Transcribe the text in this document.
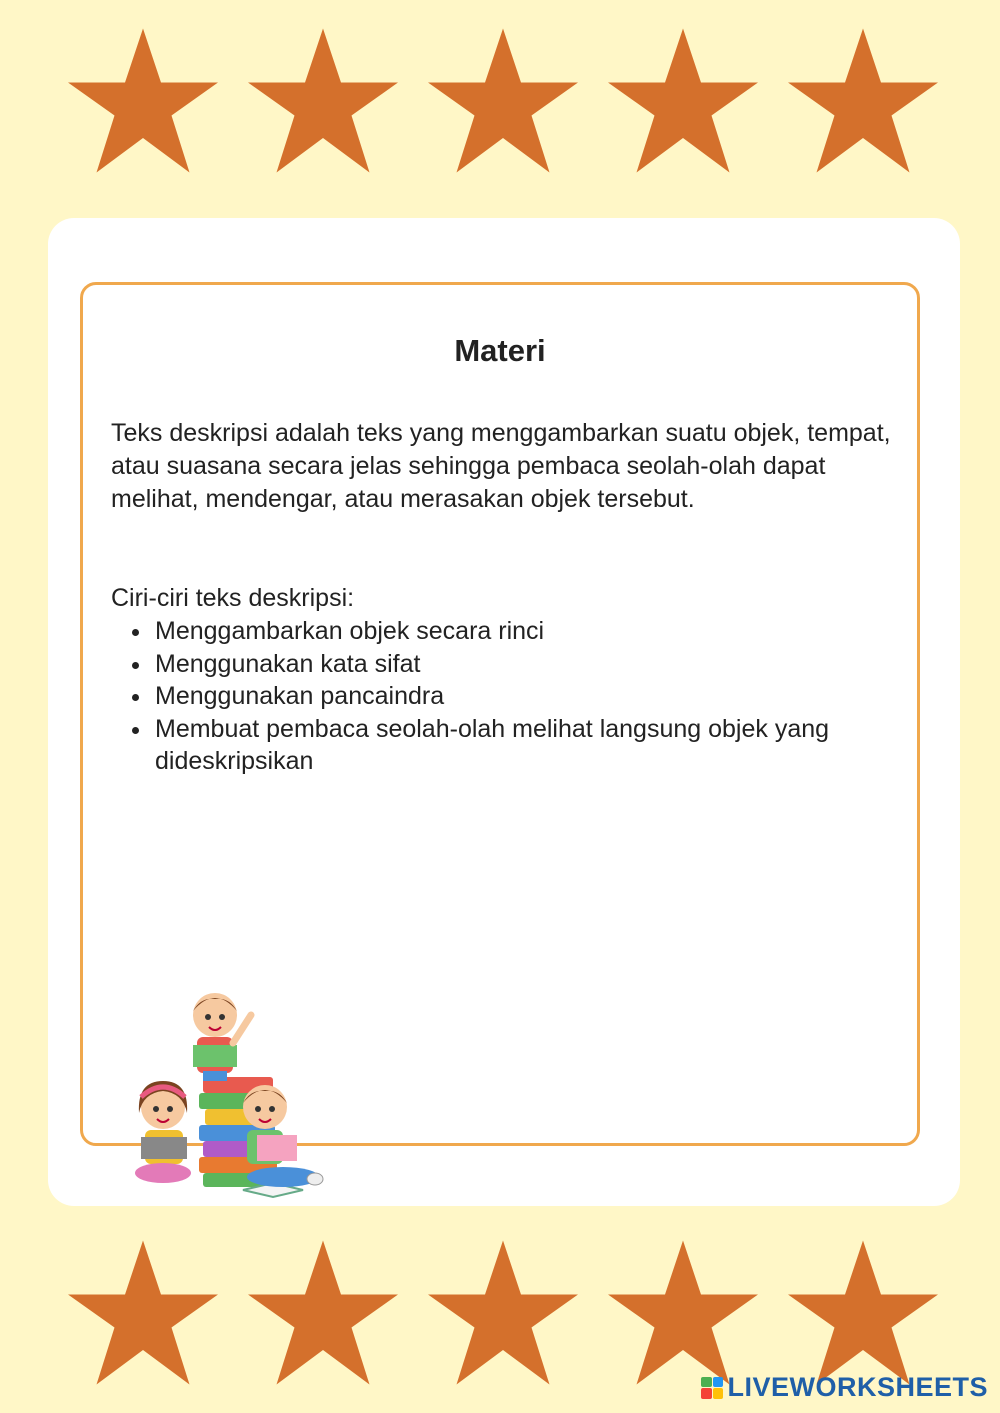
Materi

Teks deskripsi adalah teks yang menggambarkan suatu objek, tempat, atau suasana secara jelas sehingga pembaca seolah-olah dapat melihat, mendengar, atau merasakan objek tersebut.

Ciri-ciri teks deskripsi:

• Menggambarkan objek secara rinci
• Menggunakan kata sifat
• Menggunakan pancaindra
• Membuat pembaca seolah-olah melihat langsung objek yang dideskripsikan
LIVEWORKSHEETS
